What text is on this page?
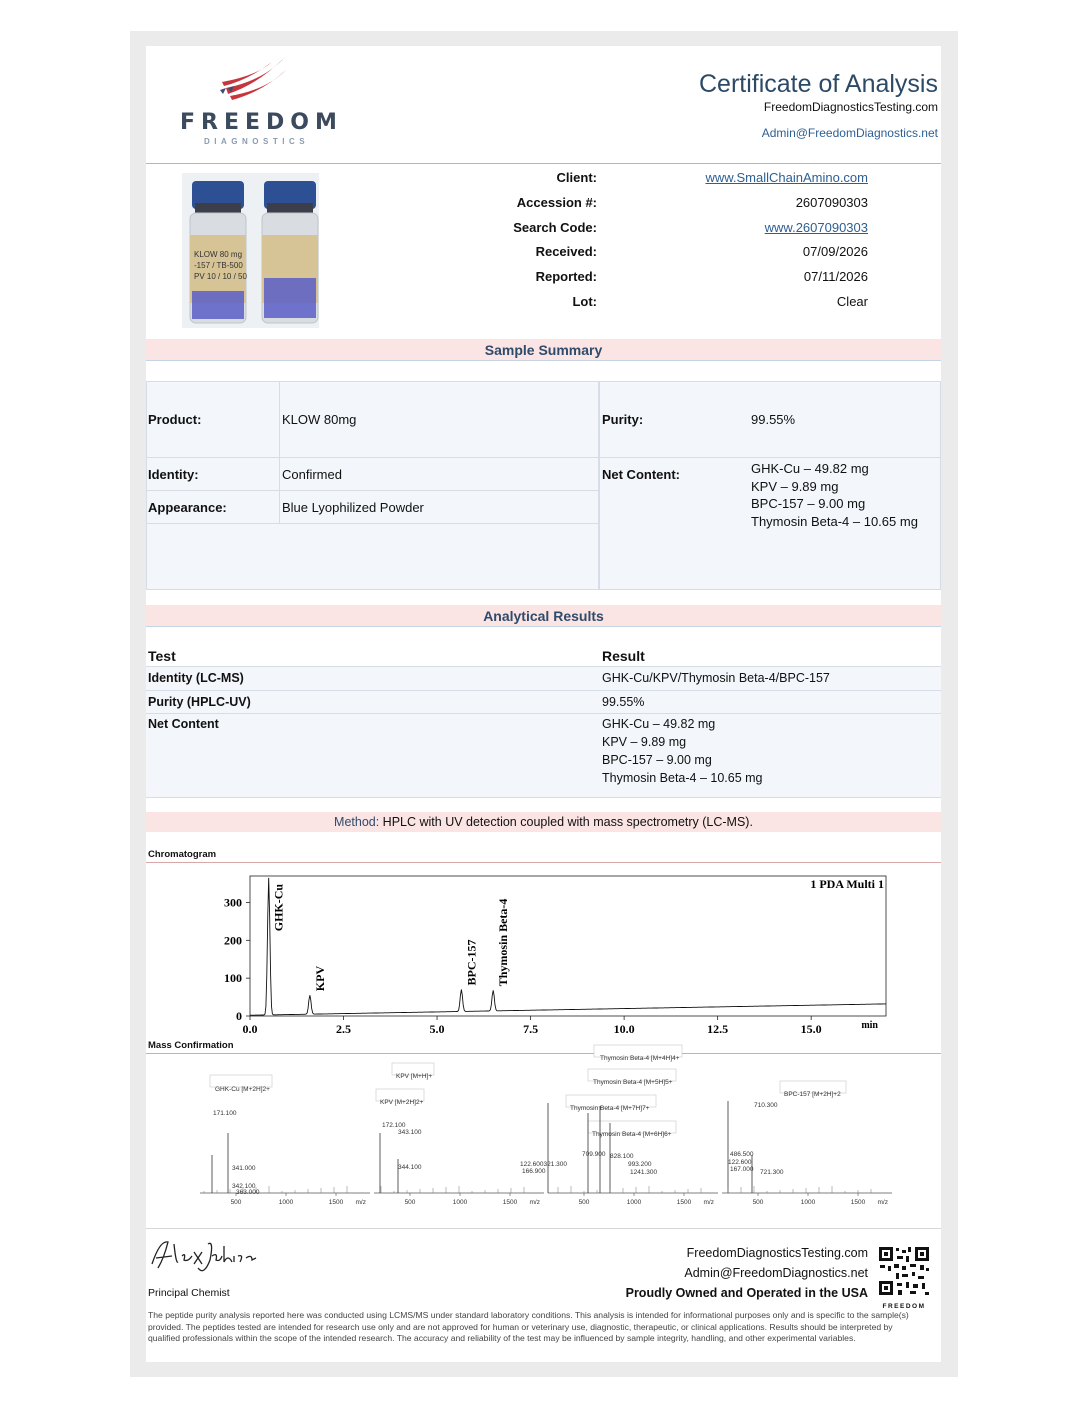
FREEDOM
DIAGNOSTICS
Certificate of Analysis
FreedomDiagnosticsTesting.com
Admin@FreedomDiagnostics.net
KLOW 80 mg
-157 / TB-500
PV 10 / 10 / 50
Client:	www.SmallChainAmino.com
Accession #:	2607090303
Search Code:	www.2607090303
Received:	07/09/2026
Reported:	07/11/2026
Lot:	Clear
Sample Summary
Product:	KLOW 80mg	Purity:	99.55%
Identity:	Confirmed
Appearance:	Blue Lyophilized Powder
Net Content:	GHK-Cu – 49.82 mg
KPV – 9.89 mg
BPC-157 – 9.00 mg
Thymosin Beta-4 – 10.65 mg
Analytical Results
Test	Result
Identity (LC-MS)	GHK-Cu/KPV/Thymosin Beta-4/BPC-157
Purity (HPLC-UV)	99.55%
Net Content	GHK-Cu – 49.82 mg
KPV – 9.89 mg
BPC-157 – 9.00 mg
Thymosin Beta-4 – 10.65 mg
Method: HPLC with UV detection coupled with mass spectrometry (LC-MS).
Chromatogram
0
100
200
300
0.0	2.5	5.0	7.5	10.0	12.5	15.0	min
1 PDA Multi 1
GHK-Cu
KPV	BPC-157 Thymosin Beta-4
Mass Confirmation
500	1000	1500 m/z
GHK-Cu [M+2H]2+
171.100
341.000
342.100
363.000
500	1000	1500 m/z
KPV [M+H]+
KPV [M+2H]2+
172.100
343.100
344.100
500	1000	1500 m/z
Thymosin Beta-4 [M+4H]4+
Thymosin Beta-4 [M+5H]5+
Thymosin Beta-4 [M+7H]7+
Thymosin Beta-4 [M+6H]6+
709.900
122.600321.300
166.900
828.100
993.200
1241.300
500	1000	1500 m/z
BPC-157 [M+2H]+2
710.300
486.500
122.600
167.000 721.300
Principal Chemist
FreedomDiagnosticsTesting.com
Admin@FreedomDiagnostics.net
Proudly Owned and Operated in the USA
FREEDOM
The peptide purity analysis reported here was conducted using LCMS/MS under standard laboratory conditions. This analysis is intended for informational purposes only and is specific to the sample(s) provided. The peptides tested are intended for research use only and are not approved for human or veterinary use, diagnostic, therapeutic, or clinical applications. Results should be interpreted by qualified professionals within the scope of the intended research. The accuracy and reliability of the test may be influenced by sample integrity, handling, and other experimental variables.
